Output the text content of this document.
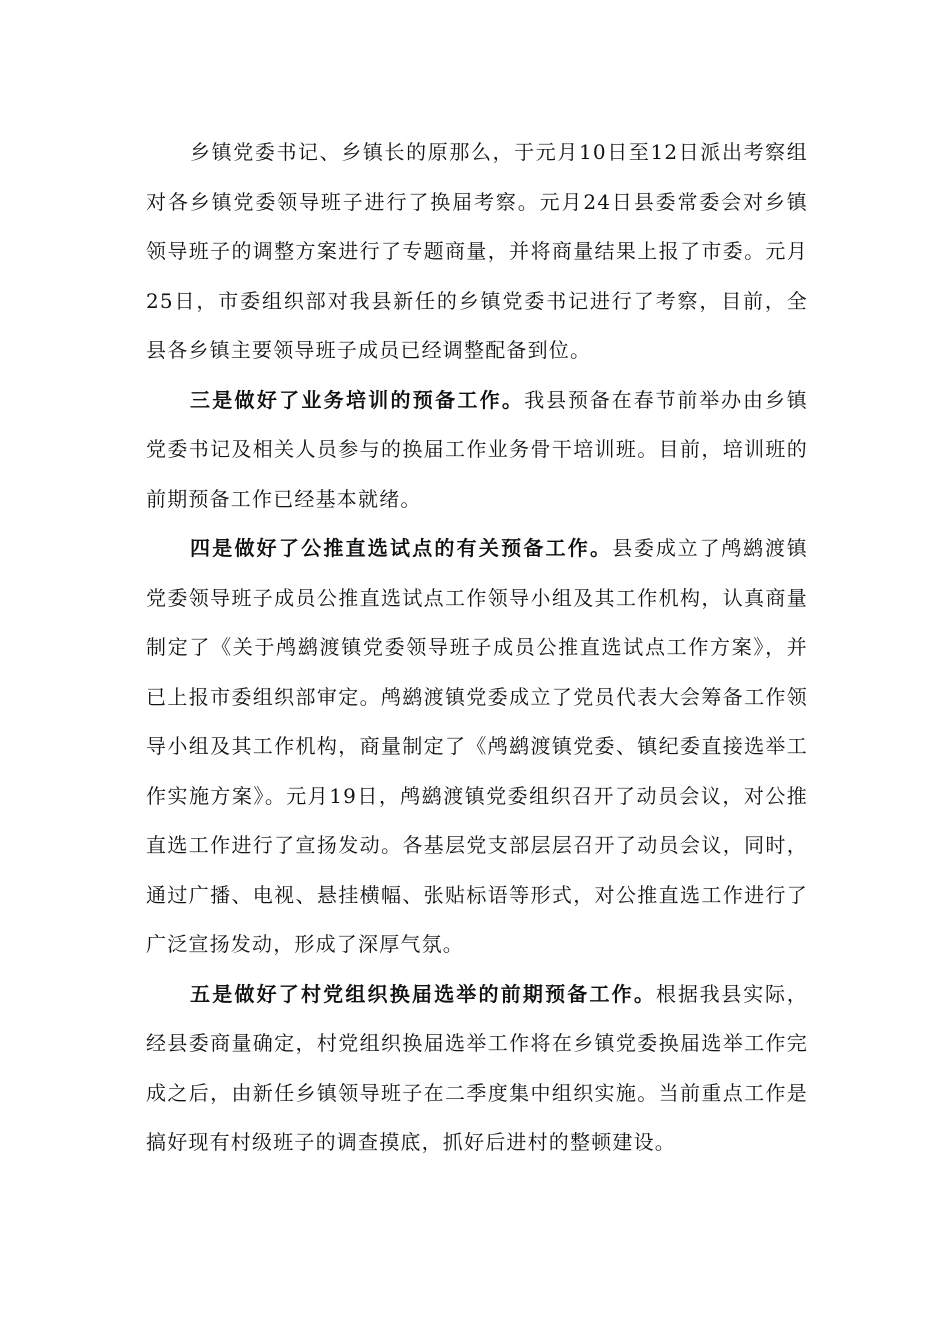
乡镇党委书记、乡镇长的原那么，于元月10日至12日派出考察组对各乡镇党委领导班子进行了换届考察。元月24日县委常委会对乡镇领导班子的调整方案进行了专题商量，并将商量结果上报了市委。元月25日，市委组织部对我县新任的乡镇党委书记进行了考察，目前，全县各乡镇主要领导班子成员已经调整配备到位。

三是做好了业务培训的预备工作。我县预备在春节前举办由乡镇党委书记及相关人员参与的换届工作业务骨干培训班。目前，培训班的前期预备工作已经基本就绪。

四是做好了公推直选试点的有关预备工作。县委成立了鸬鹚渡镇党委领导班子成员公推直选试点工作领导小组及其工作机构，认真商量制定了《关于鸬鹚渡镇党委领导班子成员公推直选试点工作方案》，并已上报市委组织部审定。鸬鹚渡镇党委成立了党员代表大会筹备工作领导小组及其工作机构，商量制定了《鸬鹚渡镇党委、镇纪委直接选举工作实施方案》。元月19日，鸬鹚渡镇党委组织召开了动员会议，对公推直选工作进行了宣扬发动。各基层党支部层层召开了动员会议，同时，通过广播、电视、悬挂横幅、张贴标语等形式，对公推直选工作进行了广泛宣扬发动，形成了深厚气氛。

五是做好了村党组织换届选举的前期预备工作。根据我县实际，经县委商量确定，村党组织换届选举工作将在乡镇党委换届选举工作完成之后，由新任乡镇领导班子在二季度集中组织实施。当前重点工作是搞好现有村级班子的调查摸底，抓好后进村的整顿建设。
